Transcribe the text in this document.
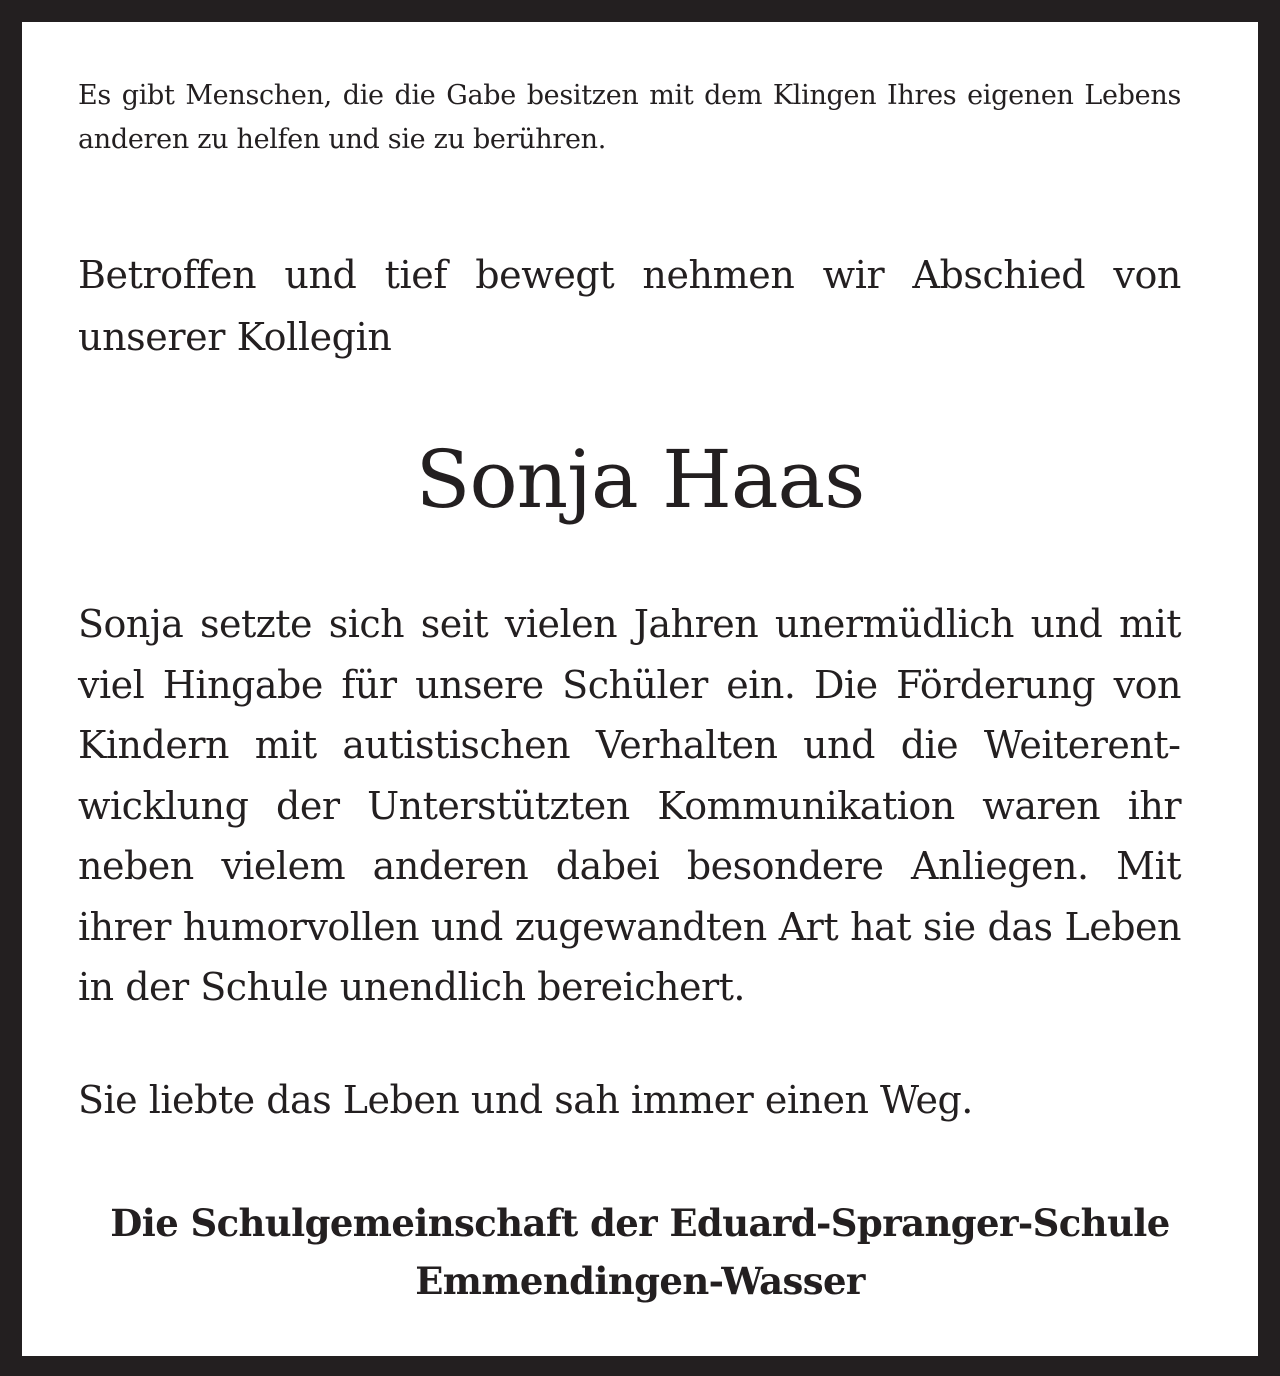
Es gibt Menschen, die die Gabe besitzen mit dem Klingen Ihres eigenen Lebens anderen zu helfen und sie zu berühren.

Betroffen und tief bewegt nehmen wir Abschied von unserer Kollegin

Sonja Haas

Sonja setzte sich seit vielen Jahren unermüdlich und mit viel Hingabe für unsere Schüler ein. Die Förderung von Kindern mit autistischen Verhalten und die Weiterentwicklung der Unterstützten Kommunikation waren ihr neben vielem anderen dabei besondere Anliegen. Mit ihrer humorvollen und zugewandten Art hat sie das Leben in der Schule unendlich bereichert.

Sie liebte das Leben und sah immer einen Weg.

Die Schulgemeinschaft der Eduard-Spranger-Schule
Emmendingen-Wasser
